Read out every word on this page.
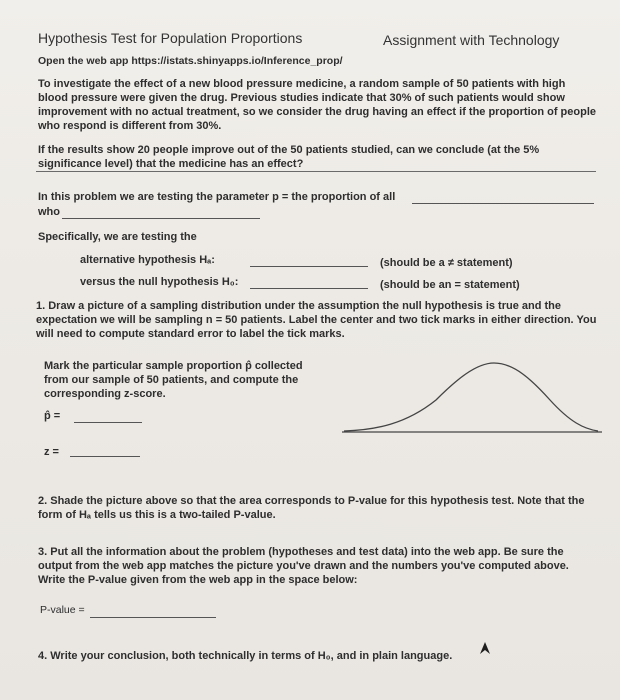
Hypothesis Test for Population Proportions	Assignment with Technology
Open the web app https://istats.shinyapps.io/Inference_prop/
To investigate the effect of a new blood pressure medicine, a random sample of 50 patients with high blood pressure were given the drug. Previous studies indicate that 30% of such patients would show improvement with no actual treatment, so we consider the drug having an effect if the proportion of people who respond is different from 30%.
If the results show 20 people improve out of the 50 patients studied, can we conclude (at the 5% significance level) that the medicine has an effect?
In this problem we are testing the parameter p = the proportion of all
who
Specifically, we are testing the
alternative hypothesis Hₐ:	(should be a ≠ statement)
versus the null hypothesis H₀:	(should be an = statement)
1. Draw a picture of a sampling distribution under the assumption the null hypothesis is true and the expectation we will be sampling n = 50 patients. Label the center and two tick marks in either direction. You will need to compute standard error to label the tick marks.
Mark the particular sample proportion p̂ collected from our sample of 50 patients, and compute the corresponding z-score.
p̂ =
z =
2. Shade the picture above so that the area corresponds to P-value for this hypothesis test. Note that the form of Hₐ tells us this is a two-tailed P-value.
3. Put all the information about the problem (hypotheses and test data) into the web app. Be sure the output from the web app matches the picture you've drawn and the numbers you've computed above. Write the P-value given from the web app in the space below:
P-value =
4. Write your conclusion, both technically in terms of H₀, and in plain language.
